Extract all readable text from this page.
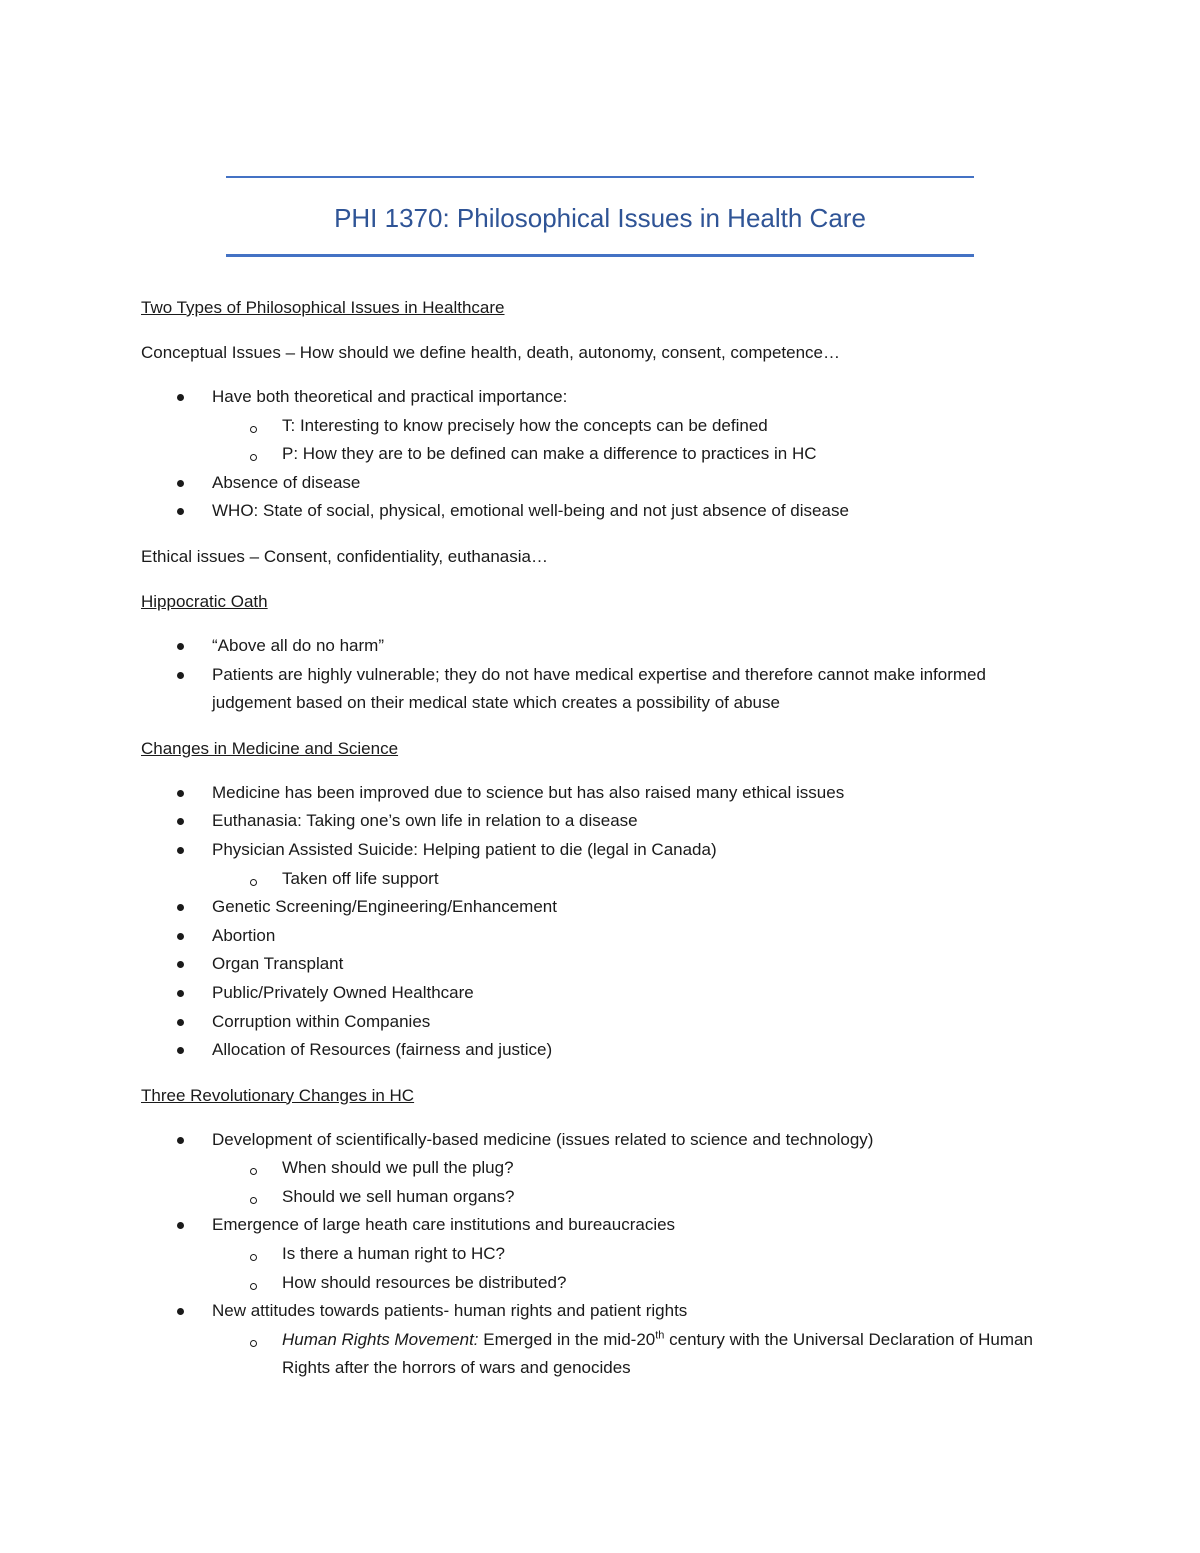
PHI 1370: Philosophical Issues in Health Care
Two Types of Philosophical Issues in Healthcare

Conceptual Issues – How should we define health, death, autonomy, consent, competence…

Have both theoretical and practical importance:
T: Interesting to know precisely how the concepts can be defined
P: How they are to be defined can make a difference to practices in HC
Absence of disease
WHO: State of social, physical, emotional well-being and not just absence of disease

Ethical issues – Consent, confidentiality, euthanasia…

Hippocratic Oath
“Above all do no harm”
Patients are highly vulnerable; they do not have medical expertise and therefore cannot make informed judgement based on their medical state which creates a possibility of abuse
Changes in Medicine and Science
Medicine has been improved due to science but has also raised many ethical issues
Euthanasia: Taking one’s own life in relation to a disease
Physician Assisted Suicide: Helping patient to die (legal in Canada)
Taken off life support
Genetic Screening/Engineering/Enhancement
Abortion
Organ Transplant
Public/Privately Owned Healthcare
Corruption within Companies
Allocation of Resources (fairness and justice)
Three Revolutionary Changes in HC
Development of scientifically-based medicine (issues related to science and technology)
When should we pull the plug?
Should we sell human organs?
Emergence of large heath care institutions and bureaucracies
Is there a human right to HC?
How should resources be distributed?
New attitudes towards patients- human rights and patient rights
Human Rights Movement: Emerged in the mid-20th century with the Universal Declaration of Human Rights after the horrors of wars and genocides
